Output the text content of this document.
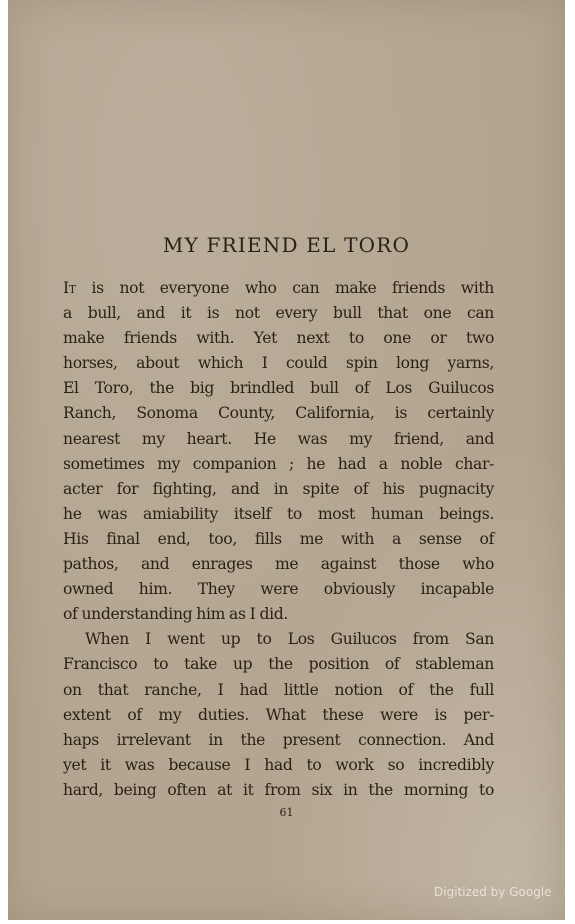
MY FRIEND EL TORO
It is not everyone who can make friends with
a bull, and it is not every bull that one can
make friends with. Yet next to one or two
horses, about which I could spin long yarns,
El Toro, the big brindled bull of Los Guilucos
Ranch, Sonoma County, California, is certainly
nearest my heart. He was my friend, and
sometimes my companion ; he had a noble char-
acter for fighting, and in spite of his pugnacity
he was amiability itself to most human beings.
His final end, too, fills me with a sense of
pathos, and enrages me against those who
owned him. They were obviously incapable
of understanding him as I did.
When I went up to Los Guilucos from San
Francisco to take up the position of stableman
on that ranche, I had little notion of the full
extent of my duties. What these were is per-
haps irrelevant in the present connection. And
yet it was because I had to work so incredibly
hard, being often at it from six in the morning to
61
Digitized by Google
